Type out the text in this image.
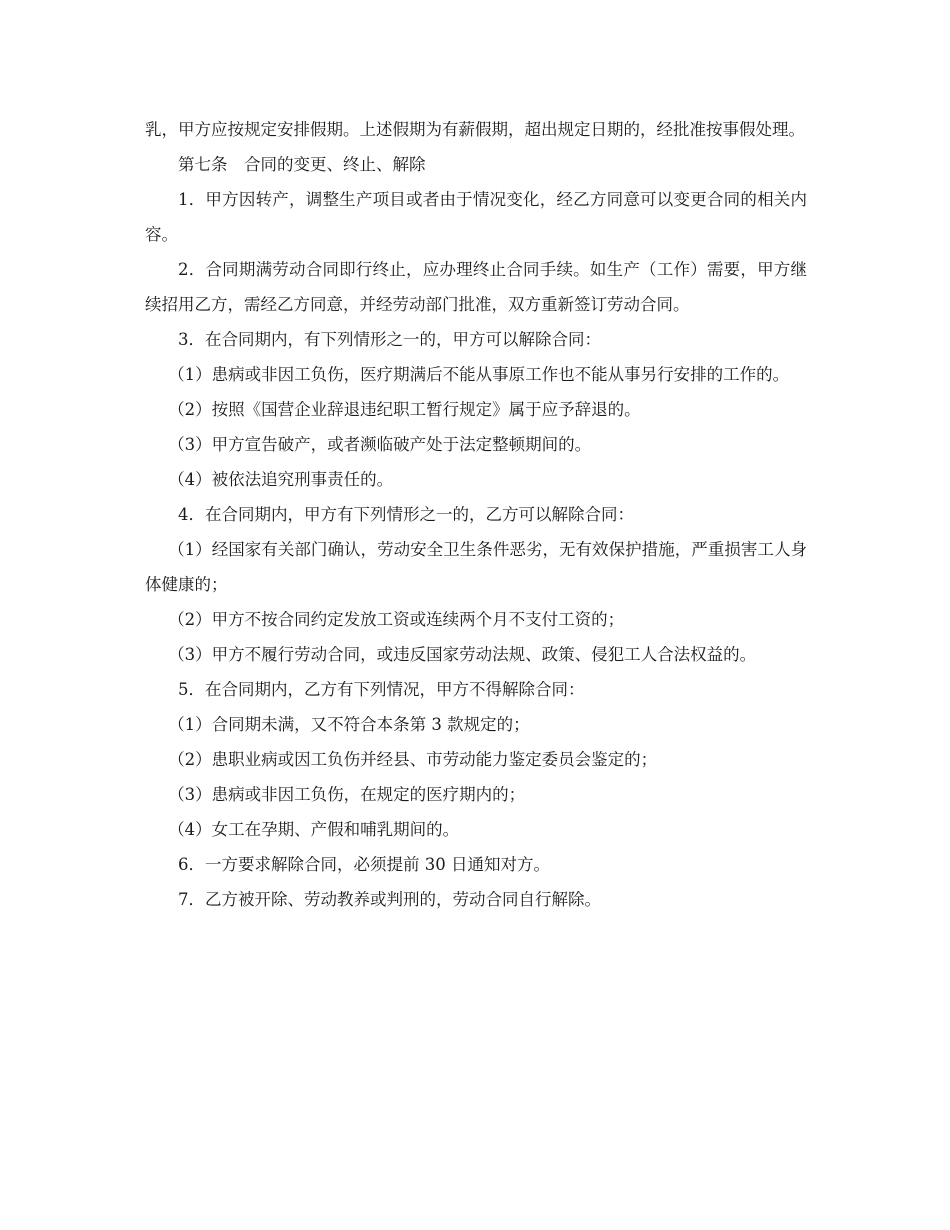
乳，甲方应按规定安排假期。上述假期为有薪假期，超出规定日期的，经批准按事假处理。

第七条　合同的变更、终止、解除

1．甲方因转产，调整生产项目或者由于情况变化，经乙方同意可以变更合同的相关内容。

2．合同期满劳动合同即行终止，应办理终止合同手续。如生产（工作）需要，甲方继续招用乙方，需经乙方同意，并经劳动部门批准，双方重新签订劳动合同。

3．在合同期内，有下列情形之一的，甲方可以解除合同：

（1）患病或非因工负伤，医疗期满后不能从事原工作也不能从事另行安排的工作的。

（2）按照《国营企业辞退违纪职工暂行规定》属于应予辞退的。

（3）甲方宣告破产，或者濒临破产处于法定整顿期间的。

（4）被依法追究刑事责任的。

4．在合同期内，甲方有下列情形之一的，乙方可以解除合同：

（1）经国家有关部门确认，劳动安全卫生条件恶劣，无有效保护措施，严重损害工人身体健康的；

（2）甲方不按合同约定发放工资或连续两个月不支付工资的；

（3）甲方不履行劳动合同，或违反国家劳动法规、政策、侵犯工人合法权益的。

5．在合同期内，乙方有下列情况，甲方不得解除合同：

（1）合同期未满，又不符合本条第 3 款规定的；

（2）患职业病或因工负伤并经县、市劳动能力鉴定委员会鉴定的；

（3）患病或非因工负伤，在规定的医疗期内的；

（4）女工在孕期、产假和哺乳期间的。

6．一方要求解除合同，必须提前 30 日通知对方。

7．乙方被开除、劳动教养或判刑的，劳动合同自行解除。
